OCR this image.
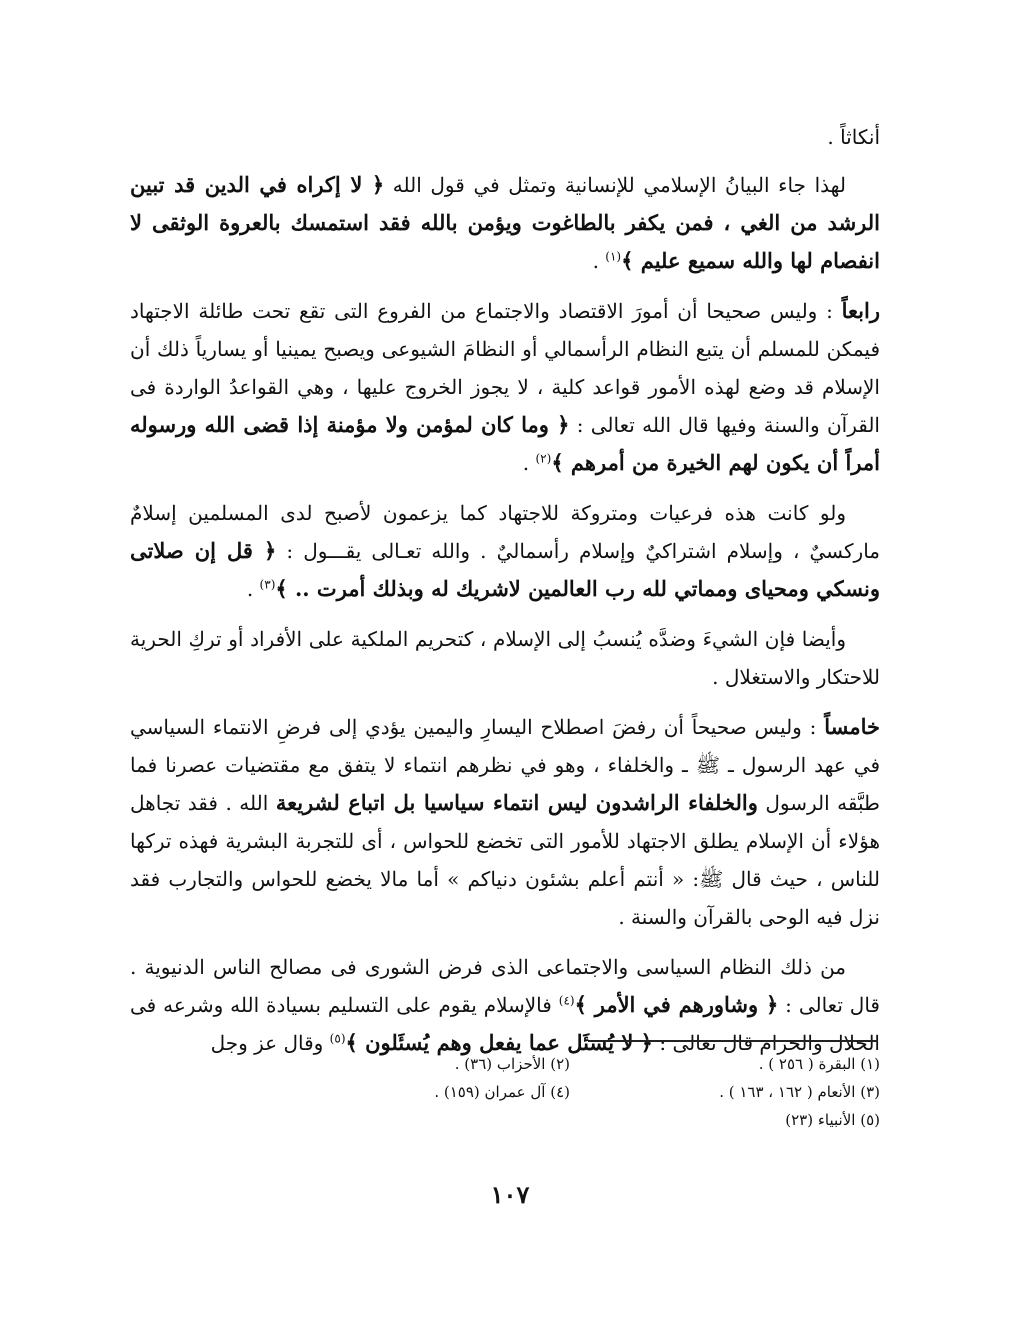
أنكاثاً .

لهذا جاء البيانُ الإسلامي للإنسانية وتمثل في قول الله ﴿ لا إكراه في الدين قد تبين الرشد من الغي ، فمن يكفر بالطاغوت ويؤمن بالله فقد استمسك بالعروة الوثقى لا انفصام لها والله سميع عليم ﴾$^{(١)}$ .

رابعاً : وليس صحيحا أن أمورَ الاقتصاد والاجتماع من الفروع التى تقع تحت طائلة الاجتهاد فيمكن للمسلم أن يتبع النظام الرأسمالي أو النظامَ الشيوعى ويصبح يمينيا أو يسارياً ذلك أن الإسلام قد وضع لهذه الأمور قواعد كلية ، لا يجوز الخروج عليها ، وهي القواعدُ الواردة فى القرآن والسنة وفيها قال الله تعالى : ﴿ وما كان لمؤمن ولا مؤمنة إذا قضى الله ورسوله أمراً أن يكون لهم الخيرة من أمرهم ﴾$^{(٢)}$ .

ولو كانت هذه فرعيات ومتروكة للاجتهاد كما يزعمون لأصبح لدى المسلمين إسلامٌ ماركسيٌ ، وإسلام اشتراكيٌ وإسلام رأسماليٌ . والله تعـالى يقـــول : ﴿ قل إن صلاتى ونسكي ومحياى ومماتي لله رب العالمين لاشريك له وبذلك أمرت .. ﴾$^{(٣)}$ .

وأيضا فإن الشيءَ وضدَّه يُنسبُ إلى الإسلام ، كتحريم الملكية على الأفراد أو تركِ الحرية للاحتكار والاستغلال .

خامساً : وليس صحيحاً أن رفضَ اصطلاح اليسارِ واليمين يؤدي إلى فرضِ الانتماء السياسي في عهد الرسول ـ ﷺ ـ والخلفاء ، وهو في نظرهم انتماء لا يتفق مع مقتضيات عصرنا فما طبَّقه الرسول والخلفاء الراشدون ليس انتماء سياسيا بل اتباع لشريعة الله . فقد تجاهل هؤلاء أن الإسلام يطلق الاجتهاد للأمور التى تخضع للحواس ، أى للتجربة البشرية فهذه تركها للناس ، حيث قال ﷺ: « أنتم أعلم بشئون دنياكم » أما مالا يخضع للحواس والتجارب فقد نزل فيه الوحى بالقرآن والسنة .

من ذلك النظام السياسى والاجتماعى الذى فرض الشورى فى مصالح الناس الدنيوية . قال تعالى : ﴿ وشاورهم في الأمر ﴾$^{(٤)}$ فالإسلام يقوم على التسليم بسيادة الله وشرعه فى الحلال والحرام قال تعالى : ﴿ لا يُسئَل عما يفعل وهم يُسئَلون ﴾$^{(٥)}$ وقال عز وجل

(١) البقرة ( ٢٥٦ ) .
(٢) الأحزاب (٣٦) .
(٣) الأنعام ( ١٦٢ ، ١٦٣ ) .
(٤) آل عمران (١٥٩) .
(٥) الأنبياء (٢٣)
١٠٧
